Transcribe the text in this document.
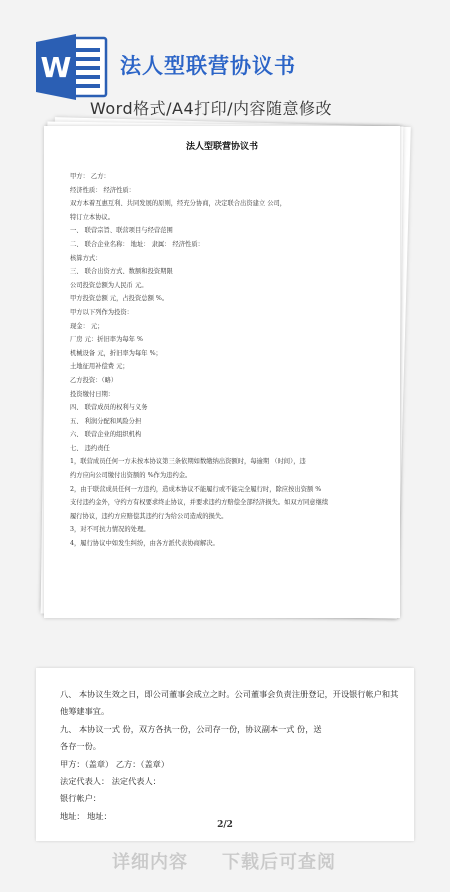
W 法人型联营协议书
Word格式/A4打印/内容随意修改
法人型联营协议书
甲方： 乙方：
经济性质： 经济性质：
双方本着互惠互利、共同发展的原则，经充分协商，决定联合出资建立 公司，
特订立本协议。
一、 联营宗旨、联营项目与经营范围
二、 联合企业名称： 地址： 隶属： 经济性质：
核算方式：
三、 联合出资方式、数额和投资期限
公司投资总额为人民币 元。
甲方投资总额 元，占投资总额 %。
甲方以下列作为投资：
现金： 元；
厂房 元：折旧率为每年 %
机械设备 元，折旧率为每年 %；
土地征用补偿费 元；
乙方投资：（略）
投资缴付日期：
四、 联营成员的权利与义务
五、 利润分配和风险分担
六、 联营企业的组织机构
七、 违约责任
1，联营成员任何一方未按本协议第三条依期如数缴纳出资额时，每逾期 （时间），违
约方应向公司缴付出资额的 %作为违约金。
2，由于联营成员任何一方违约，造成本协议不能履行或不能完全履行时，除应按出资额 %
支付违约金外，守约方有权要求终止协议，并要求违约方赔偿全部经济损失。如双方同意继续
履行协议，违约方应赔偿其违约行为给公司造成的损失。
3，对不可抗力情况的处理。
4，履行协议中如发生纠纷，由各方派代表协商解决。
八、 本协议生效之日，即公司董事会成立之时。公司董事会负责注册登记，开设银行帐户和其
他筹建事宜。
九、 本协议一式 份，双方各执一份，公司存一份，协议副本一式 份，送
各存一份。
甲方：（盖章） 乙方：（盖章）
法定代表人： 法定代表人：
银行帐户：
地址： 地址：
2/2
详细内容 下载后可查阅
